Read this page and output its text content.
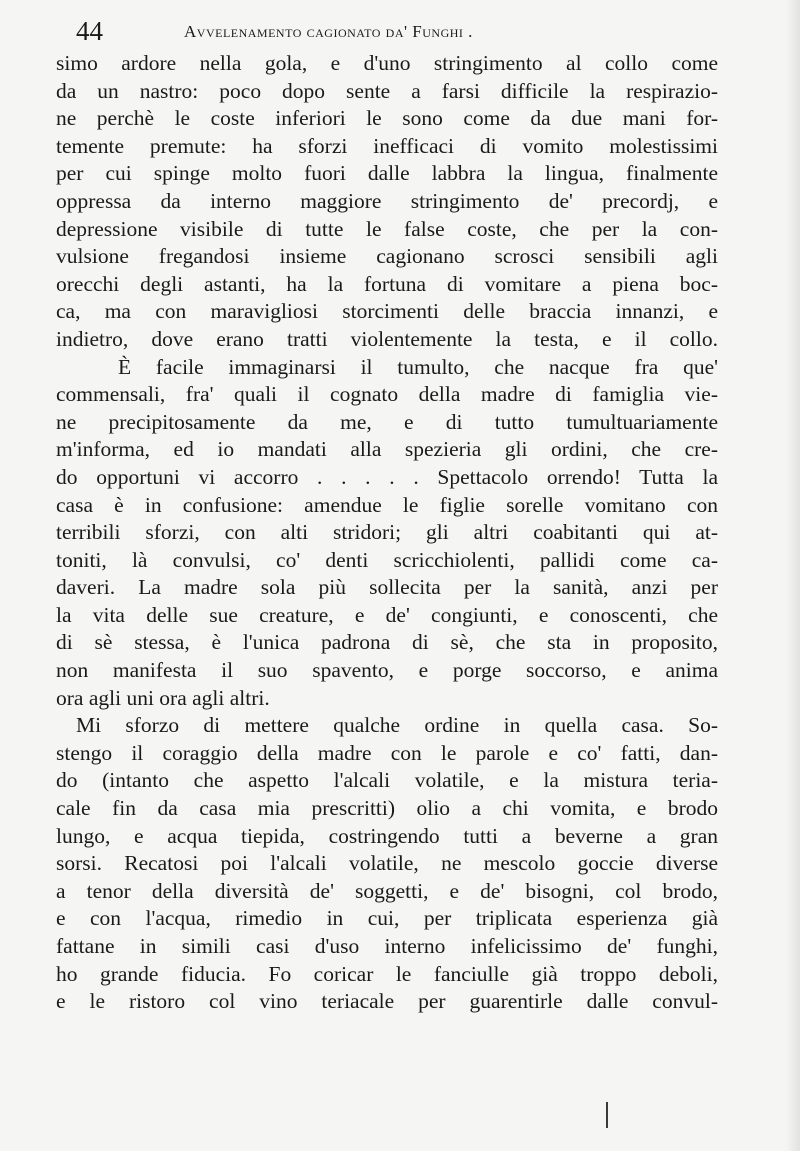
44	Avvelenamento cagionato da' Funghi .
simo ardore nella gola, e d'uno stringimento al collo come
da un nastro: poco dopo sente a farsi difficile la respirazio-
ne perchè le coste inferiori le sono come da due mani for-
temente premute: ha sforzi inefficaci di vomito molestissimi
per cui spinge molto fuori dalle labbra la lingua, finalmente
oppressa da interno maggiore stringimento de' precordj, e
depressione visibile di tutte le false coste, che per la con-
vulsione fregandosi insieme cagionano scrosci sensibili agli
orecchi degli astanti, ha la fortuna di vomitare a piena boc-
ca, ma con maravigliosi storcimenti delle braccia innanzi, e
indietro, dove erano tratti violentemente la testa, e il collo.
È facile immaginarsi il tumulto, che nacque fra que'
commensali, fra' quali il cognato della madre di famiglia vie-
ne precipitosamente da me, e di tutto tumultuariamente
m'informa, ed io mandati alla spezieria gli ordini, che cre-
do opportuni vi accorro . . . . . Spettacolo orrendo! Tutta la
casa è in confusione: amendue le figlie sorelle vomitano con
terribili sforzi, con alti stridori; gli altri coabitanti qui at-
toniti, là convulsi, co' denti scricchiolenti, pallidi come ca-
daveri. La madre sola più sollecita per la sanità, anzi per
la vita delle sue creature, e de' congiunti, e conoscenti, che
di sè stessa, è l'unica padrona di sè, che sta in proposito,
non manifesta il suo spavento, e porge soccorso, e anima
ora agli uni ora agli altri.
Mi sforzo di mettere qualche ordine in quella casa. So-
stengo il coraggio della madre con le parole e co' fatti, dan-
do (intanto che aspetto l'alcali volatile, e la mistura teria-
cale fin da casa mia prescritti) olio a chi vomita, e brodo
lungo, e acqua tiepida, costringendo tutti a beverne a gran
sorsi. Recatosi poi l'alcali volatile, ne mescolo goccie diverse
a tenor della diversità de' soggetti, e de' bisogni, col brodo,
e con l'acqua, rimedio in cui, per triplicata esperienza già
fattane in simili casi d'uso interno infelicissimo de' funghi,
ho grande fiducia. Fo coricar le fanciulle già troppo deboli,
e le ristoro col vino teriacale per guarentirle dalle convul-
